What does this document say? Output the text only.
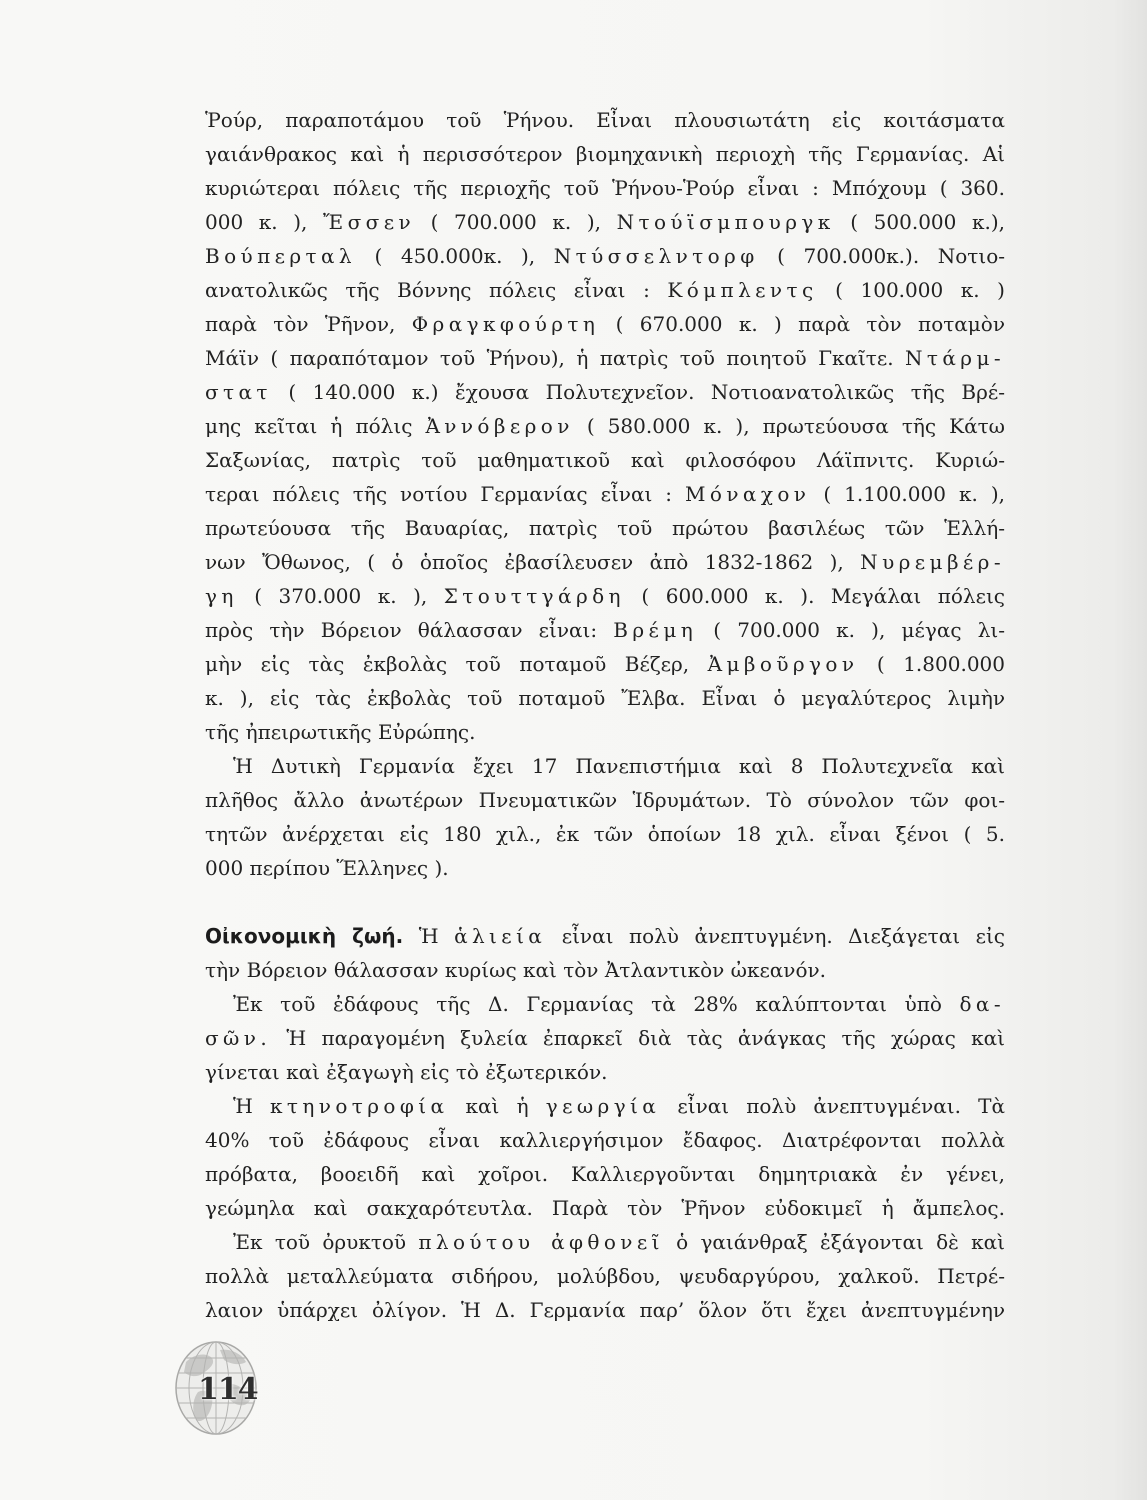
Ῥούρ, παραποτάμου τοῦ Ῥήνου. Εἶναι πλουσιωτάτη εἰς κοιτάσματα
γαιάνθρακος καὶ ἡ περισσότερον βιομηχανικὴ περιοχὴ τῆς Γερμανίας. Αἱ
κυριώτεραι πόλεις τῆς περιοχῆς τοῦ Ῥήνου-Ῥούρ εἶναι : Μπόχουμ ( 360.
000 κ. ), Ἔσσεν ( 700.000 κ. ), Ντούϊσμπουργκ ( 500.000 κ.),
Βούπερταλ ( 450.000κ. ), Ντύσσελντορφ ( 700.000κ.). Νοτιο-
ανατολικῶς τῆς Βόννης πόλεις εἶναι : Κόμπλεντς ( 100.000 κ. )
παρὰ τὸν Ῥῆνον, Φραγκφούρτη ( 670.000 κ. ) παρὰ τὸν ποταμὸν
Μάϊν ( παραπόταμον τοῦ Ῥήνου), ἡ πατρὶς τοῦ ποιητοῦ Γκαῖτε. Ντάρμ-
στατ ( 140.000 κ.) ἔχουσα Πολυτεχνεῖον. Νοτιοανατολικῶς τῆς Βρέ-
μης κεῖται ἡ πόλις Ἀννόβερον ( 580.000 κ. ), πρωτεύουσα τῆς Κάτω
Σαξωνίας, πατρὶς τοῦ μαθηματικοῦ καὶ φιλοσόφου Λάϊπνιτς. Κυριώ-
τεραι πόλεις τῆς νοτίου Γερμανίας εἶναι : Μόναχον ( 1.100.000 κ. ),
πρωτεύουσα τῆς Βαυαρίας, πατρὶς τοῦ πρώτου βασιλέως τῶν Ἑλλή-
νων Ὄθωνος, ( ὁ ὁποῖος ἐβασίλευσεν ἀπὸ 1832-1862 ), Νυρεμβέρ-
γη ( 370.000 κ. ), Στουττγάρδη ( 600.000 κ. ). Μεγάλαι πόλεις
πρὸς τὴν Βόρειον θάλασσαν εἶναι: Βρέμη ( 700.000 κ. ), μέγας λι-
μὴν εἰς τὰς ἐκβολὰς τοῦ ποταμοῦ Βέζερ, Ἀμβοῦργον ( 1.800.000
κ. ), εἰς τὰς ἐκβολὰς τοῦ ποταμοῦ Ἔλβα. Εἶναι ὁ μεγαλύτερος λιμὴν
τῆς ἠπειρωτικῆς Εὐρώπης.
Ἡ Δυτικὴ Γερμανία ἔχει 17 Πανεπιστήμια καὶ 8 Πολυτεχνεῖα καὶ
πλῆθος ἄλλο ἀνωτέρων Πνευματικῶν Ἱδρυμάτων. Τὸ σύνολον τῶν φοι-
τητῶν ἀνέρχεται εἰς 180 χιλ., ἐκ τῶν ὁποίων 18 χιλ. εἶναι ξένοι ( 5.
000 περίπου Ἕλληνες ).
Οἰκονομικὴ ζωή. Ἡ ἁλιεία εἶναι πολὺ ἀνεπτυγμένη. Διεξάγεται εἰς
τὴν Βόρειον θάλασσαν κυρίως καὶ τὸν Ἀτλαντικὸν ὠκεανόν.
Ἐκ τοῦ ἐδάφους τῆς Δ. Γερμανίας τὰ 28% καλύπτονται ὑπὸ δα-
σῶν. Ἡ παραγομένη ξυλεία ἐπαρκεῖ διὰ τὰς ἀνάγκας τῆς χώρας καὶ
γίνεται καὶ ἐξαγωγὴ εἰς τὸ ἐξωτερικόν.
Ἡ κτηνοτροφία καὶ ἡ γεωργία εἶναι πολὺ ἀνεπτυγμέναι. Τὰ
40% τοῦ ἐδάφους εἶναι καλλιεργήσιμον ἔδαφος. Διατρέφονται πολλὰ
πρόβατα, βοοειδῆ καὶ χοῖροι. Καλλιεργοῦνται δημητριακὰ ἐν γένει,
γεώμηλα καὶ σακχαρότευτλα. Παρὰ τὸν Ῥῆνον εὐδοκιμεῖ ἡ ἄμπελος.
Ἐκ τοῦ ὀρυκτοῦ πλούτου ἀφθονεῖ ὁ γαιάνθραξ ἐξάγονται δὲ καὶ
πολλὰ μεταλλεύματα σιδήρου, μολύβδου, ψευδαργύρου, χαλκοῦ. Πετρέ-
λαιον ὑπάρχει ὀλίγον. Ἡ Δ. Γερμανία παρ’ ὅλον ὅτι ἔχει ἀνεπτυγμένην
114
